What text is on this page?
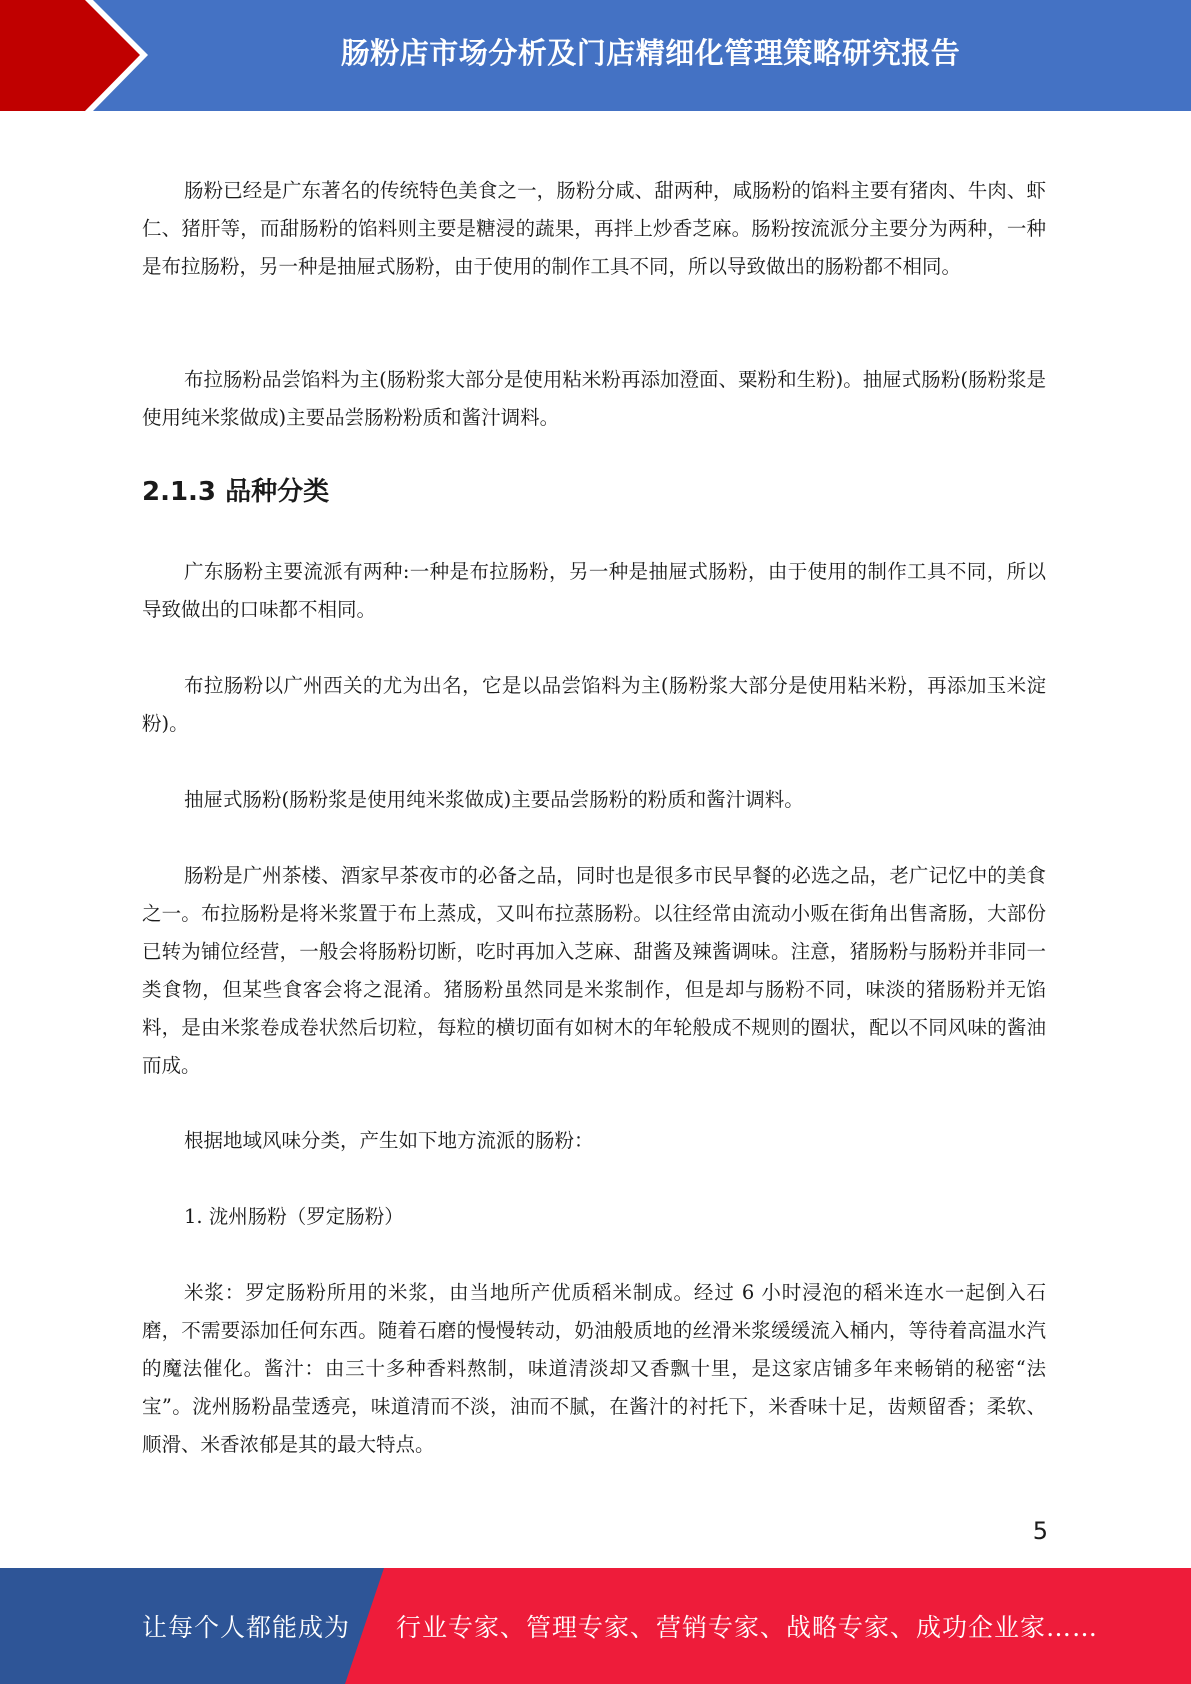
肠粉店市场分析及门店精细化管理策略研究报告

肠粉已经是广东著名的传统特色美食之一，肠粉分咸、甜两种，咸肠粉的馅料主要有猪肉、牛肉、虾仁、猪肝等，而甜肠粉的馅料则主要是糖浸的蔬果，再拌上炒香芝麻。肠粉按流派分主要分为两种，一种是布拉肠粉，另一种是抽屉式肠粉，由于使用的制作工具不同，所以导致做出的肠粉都不相同。

布拉肠粉品尝馅料为主(肠粉浆大部分是使用粘米粉再添加澄面、粟粉和生粉)。抽屉式肠粉(肠粉浆是使用纯米浆做成)主要品尝肠粉粉质和酱汁调料。

2.1.3 品种分类

广东肠粉主要流派有两种:一种是布拉肠粉，另一种是抽屉式肠粉，由于使用的制作工具不同，所以导致做出的口味都不相同。

布拉肠粉以广州西关的尤为出名，它是以品尝馅料为主(肠粉浆大部分是使用粘米粉，再添加玉米淀粉)。

抽屉式肠粉(肠粉浆是使用纯米浆做成)主要品尝肠粉的粉质和酱汁调料。

肠粉是广州茶楼、酒家早茶夜市的必备之品，同时也是很多市民早餐的必选之品，老广记忆中的美食之一。布拉肠粉是将米浆置于布上蒸成，又叫布拉蒸肠粉。以往经常由流动小贩在街角出售斋肠，大部份已转为铺位经营，一般会将肠粉切断，吃时再加入芝麻、甜酱及辣酱调味。注意，猪肠粉与肠粉并非同一类食物，但某些食客会将之混淆。猪肠粉虽然同是米浆制作，但是却与肠粉不同，味淡的猪肠粉并无馅料，是由米浆卷成卷状然后切粒，每粒的横切面有如树木的年轮般成不规则的圈状，配以不同风味的酱油而成。

根据地域风味分类，产生如下地方流派的肠粉：

1. 泷州肠粉（罗定肠粉）

米浆：罗定肠粉所用的米浆，由当地所产优质稻米制成。经过 6 小时浸泡的稻米连水一起倒入石磨，不需要添加任何东西。随着石磨的慢慢转动，奶油般质地的丝滑米浆缓缓流入桶内，等待着高温水汽的魔法催化。酱汁：由三十多种香料熬制，味道清淡却又香飘十里，是这家店铺多年来畅销的秘密“法宝”。泷州肠粉晶莹透亮，味道清而不淡，油而不腻，在酱汁的衬托下，米香味十足，齿颊留香；柔软、顺滑、米香浓郁是其的最大特点。

5
让每个人都能成为 行业专家、管理专家、营销专家、战略专家、成功企业家……
